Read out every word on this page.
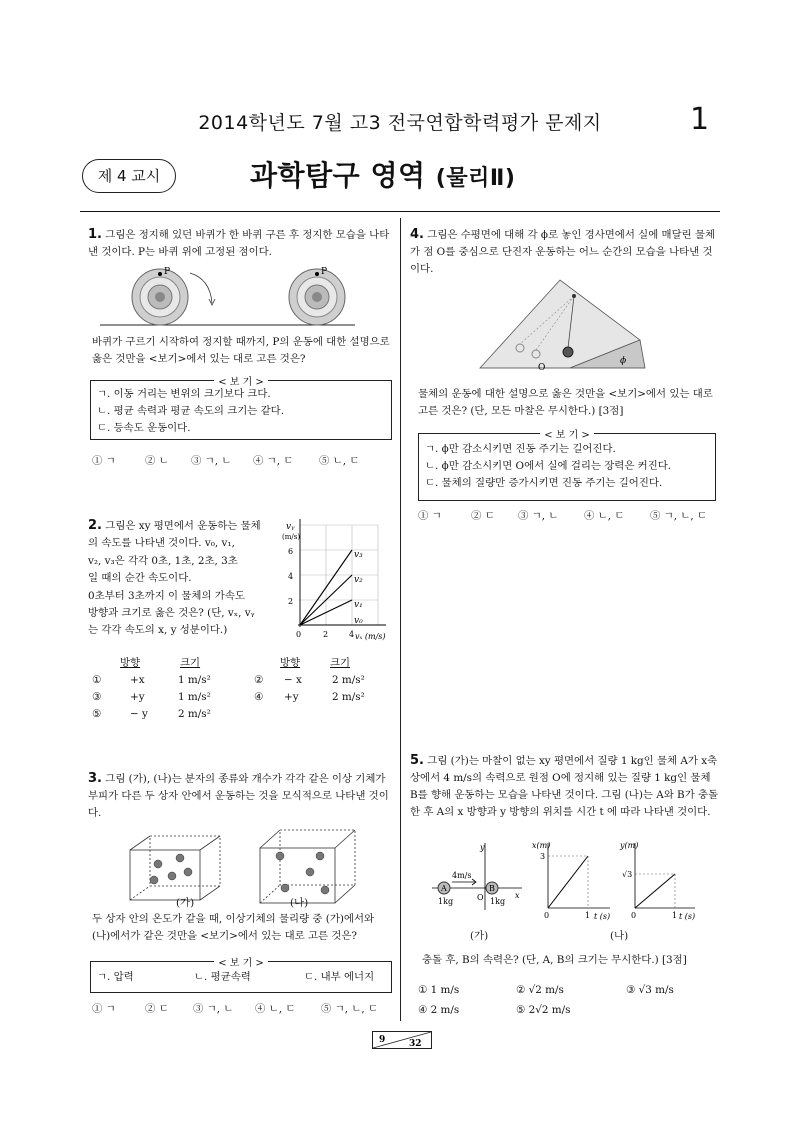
2014학년도 7월 고3 전국연합학력평가 문제지	1
제 4 교시	과학탐구 영역 (물리Ⅱ)
1. 그림은 정지해 있던 바퀴가 한 바퀴 구른 후 정지한 모습을 나타낸 것이다. P는 바퀴 위에 고정된 점이다.
P	P
바퀴가 구르기 시작하여 정지할 때까지, P의 운동에 대한 설명으로 옳은 것만을 <보기>에서 있는 대로 고른 것은?
< 보 기 >
ㄱ. 이동 거리는 변위의 크기보다 크다.
ㄴ. 평균 속력과 평균 속도의 크기는 같다.
ㄷ. 등속도 운동이다.
① ㄱ	② ㄴ ③ ㄱ, ㄴ ④ ㄱ, ㄷ ⑤ ㄴ, ㄷ
2. 그림은 xy 평면에서 운동하는 물체
의 속도를 나타낸 것이다. v₀, v₁,
v₂, v₃은 각각 0초, 1초, 2초, 3초
일 때의 순간 속도이다.
0초부터 3초까지 이 물체의 가속도
방향과 크기로 옳은 것은? (단, vₓ, vᵧ
는 각각 속도의 x, y 성분이다.)
vᵧ
(m/s)
2
4
6
0	2	4 vₓ (m/s)
v₀
v₁
v₂
v₃
방향	크기	방향	크기
①	+x	1 m/s²	② − x	2 m/s²
③	+y	1 m/s²	④ +y	2 m/s²
⑤	− y	2 m/s²
3. 그림 (가), (나)는 분자의 종류와 개수가 각각 같은 이상 기체가 부피가 다른 두 상자 안에서 운동하는 것을 모식적으로 나타낸 것이다.
(가)	(나)
두 상자 안의 온도가 같을 때, 이상기체의 물리량 중 (가)에서와 (나)에서가 같은 것만을 <보기>에서 있는 대로 고른 것은?
< 보 기 >
ㄱ. 압력	ㄴ. 평균속력	ㄷ. 내부 에너지
① ㄱ	② ㄷ ③ ㄱ, ㄴ ④ ㄴ, ㄷ ⑤ ㄱ, ㄴ, ㄷ
4. 그림은 수평면에 대해 각 ϕ로 놓인 경사면에서 실에 매달린 물체가 점 O를 중심으로 단진자 운동하는 어느 순간의 모습을 나타낸 것이다.
O
ϕ
물체의 운동에 대한 설명으로 옳은 것만을 <보기>에서 있는 대로 고른 것은? (단, 모든 마찰은 무시한다.) [3점]
< 보 기 >
ㄱ. ϕ만 감소시키면 진동 주기는 길어진다.
ㄴ. ϕ만 감소시키면 O에서 실에 걸리는 장력은 커진다.
ㄷ. 물체의 질량만 증가시키면 진동 주기는 길어진다.
① ㄱ	② ㄷ ③ ㄱ, ㄴ ④ ㄴ, ㄷ ⑤ ㄱ, ㄴ, ㄷ
5. 그림 (가)는 마찰이 없는 xy 평면에서 질량 1 kg인 물체 A가 x축 상에서 4 m/s의 속력으로 원점 O에 정지해 있는 질량 1 kg인 물체 B를 향해 운동하는 모습을 나타낸 것이다. 그림 (나)는 A와 B가 충돌한 후 A의 x 방향과 y 방향의 위치를 시간 t 에 따라 나타낸 것이다.
A	B
4m/s
1kg	1kg
O	x
y	x(m)
3
0	1 t (s)
y(m)
√3
0	1 t (s)
(가)	(나)
충돌 후, B의 속력은? (단, A, B의 크기는 무시한다.) [3점]
① 1 m/s	② √2 m/s	③ √3 m/s
④ 2 m/s	⑤ 2√2 m/s
9	32
